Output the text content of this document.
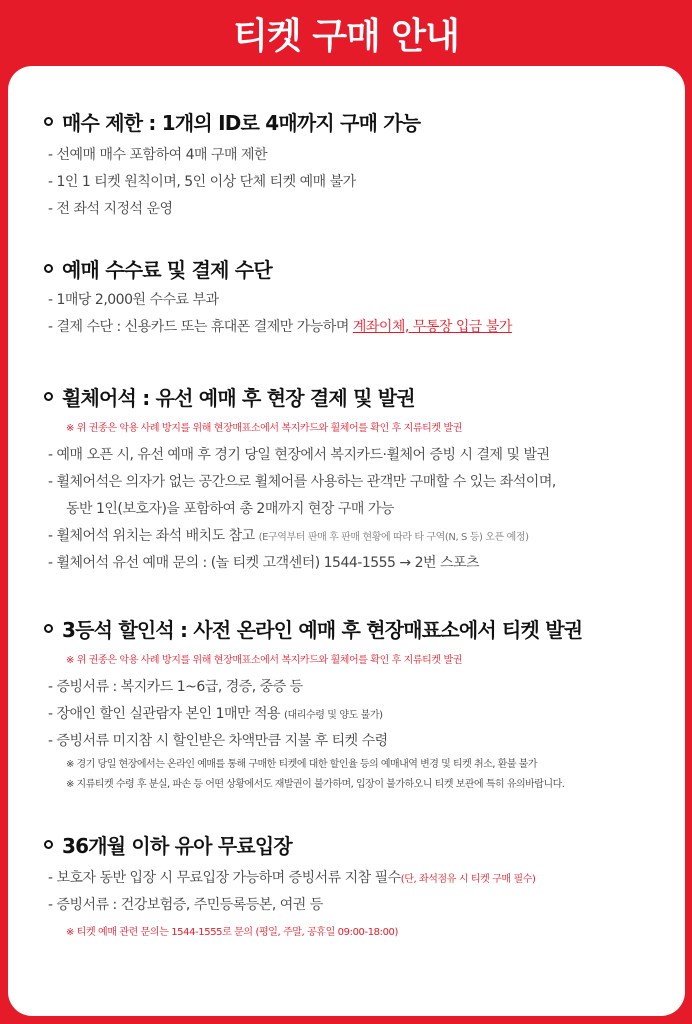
티켓 구매 안내
매수 제한 : 1개의 ID로 4매까지 구매 가능
- 선예매 매수 포함하여 4매 구매 제한
- 1인 1 티켓 원칙이며, 5인 이상 단체 티켓 예매 불가
- 전 좌석 지정석 운영
예매 수수료 및 결제 수단
- 1매당 2,000원 수수료 부과
- 결제 수단 : 신용카드 또는 휴대폰 결제만 가능하며 계좌이체, 무통장 입금 불가
휠체어석 : 유선 예매 후 현장 결제 및 발권
※ 위 권종은 악용 사례 방지를 위해 현장매표소에서 복지카드와 휠체어를 확인 후 지류티켓 발권
- 예매 오픈 시, 유선 예매 후 경기 당일 현장에서 복지카드·휠체어 증빙 시 결제 및 발권
- 휠체어석은 의자가 없는 공간으로 휠체어를 사용하는 관객만 구매할 수 있는 좌석이며,
동반 1인(보호자)을 포함하여 총 2매까지 현장 구매 가능
- 휠체어석 위치는 좌석 배치도 참고 (E구역부터 판매 후 판매 현황에 따라 타 구역(N, S 등) 오픈 예정)
- 휠체어석 유선 예매 문의 : (놀 티켓 고객센터) 1544-1555 → 2번 스포츠
3등석 할인석 : 사전 온라인 예매 후 현장매표소에서 티켓 발권
※ 위 권종은 악용 사례 방지를 위해 현장매표소에서 복지카드와 휠체어를 확인 후 지류티켓 발권
- 증빙서류 : 복지카드 1~6급, 경증, 중증 등
- 장애인 할인 실관람자 본인 1매만 적용 (대리수령 및 양도 불가)
- 증빙서류 미지참 시 할인받은 차액만큼 지불 후 티켓 수령
※ 경기 당일 현장에서는 온라인 예매를 통해 구매한 티켓에 대한 할인율 등의 예매내역 변경 및 티켓 취소, 환불 불가
※ 지류티켓 수령 후 분실, 파손 등 어떤 상황에서도 재발권이 불가하며, 입장이 불가하오니 티켓 보관에 특히 유의바랍니다.
36개월 이하 유아 무료입장
- 보호자 동반 입장 시 무료입장 가능하며 증빙서류 지참 필수(단, 좌석점유 시 티켓 구매 필수)
- 증빙서류 : 건강보험증, 주민등록등본, 여권 등
※ 티켓 예매 관련 문의는 1544-1555로 문의 (평일, 주말, 공휴일 09:00-18:00)
